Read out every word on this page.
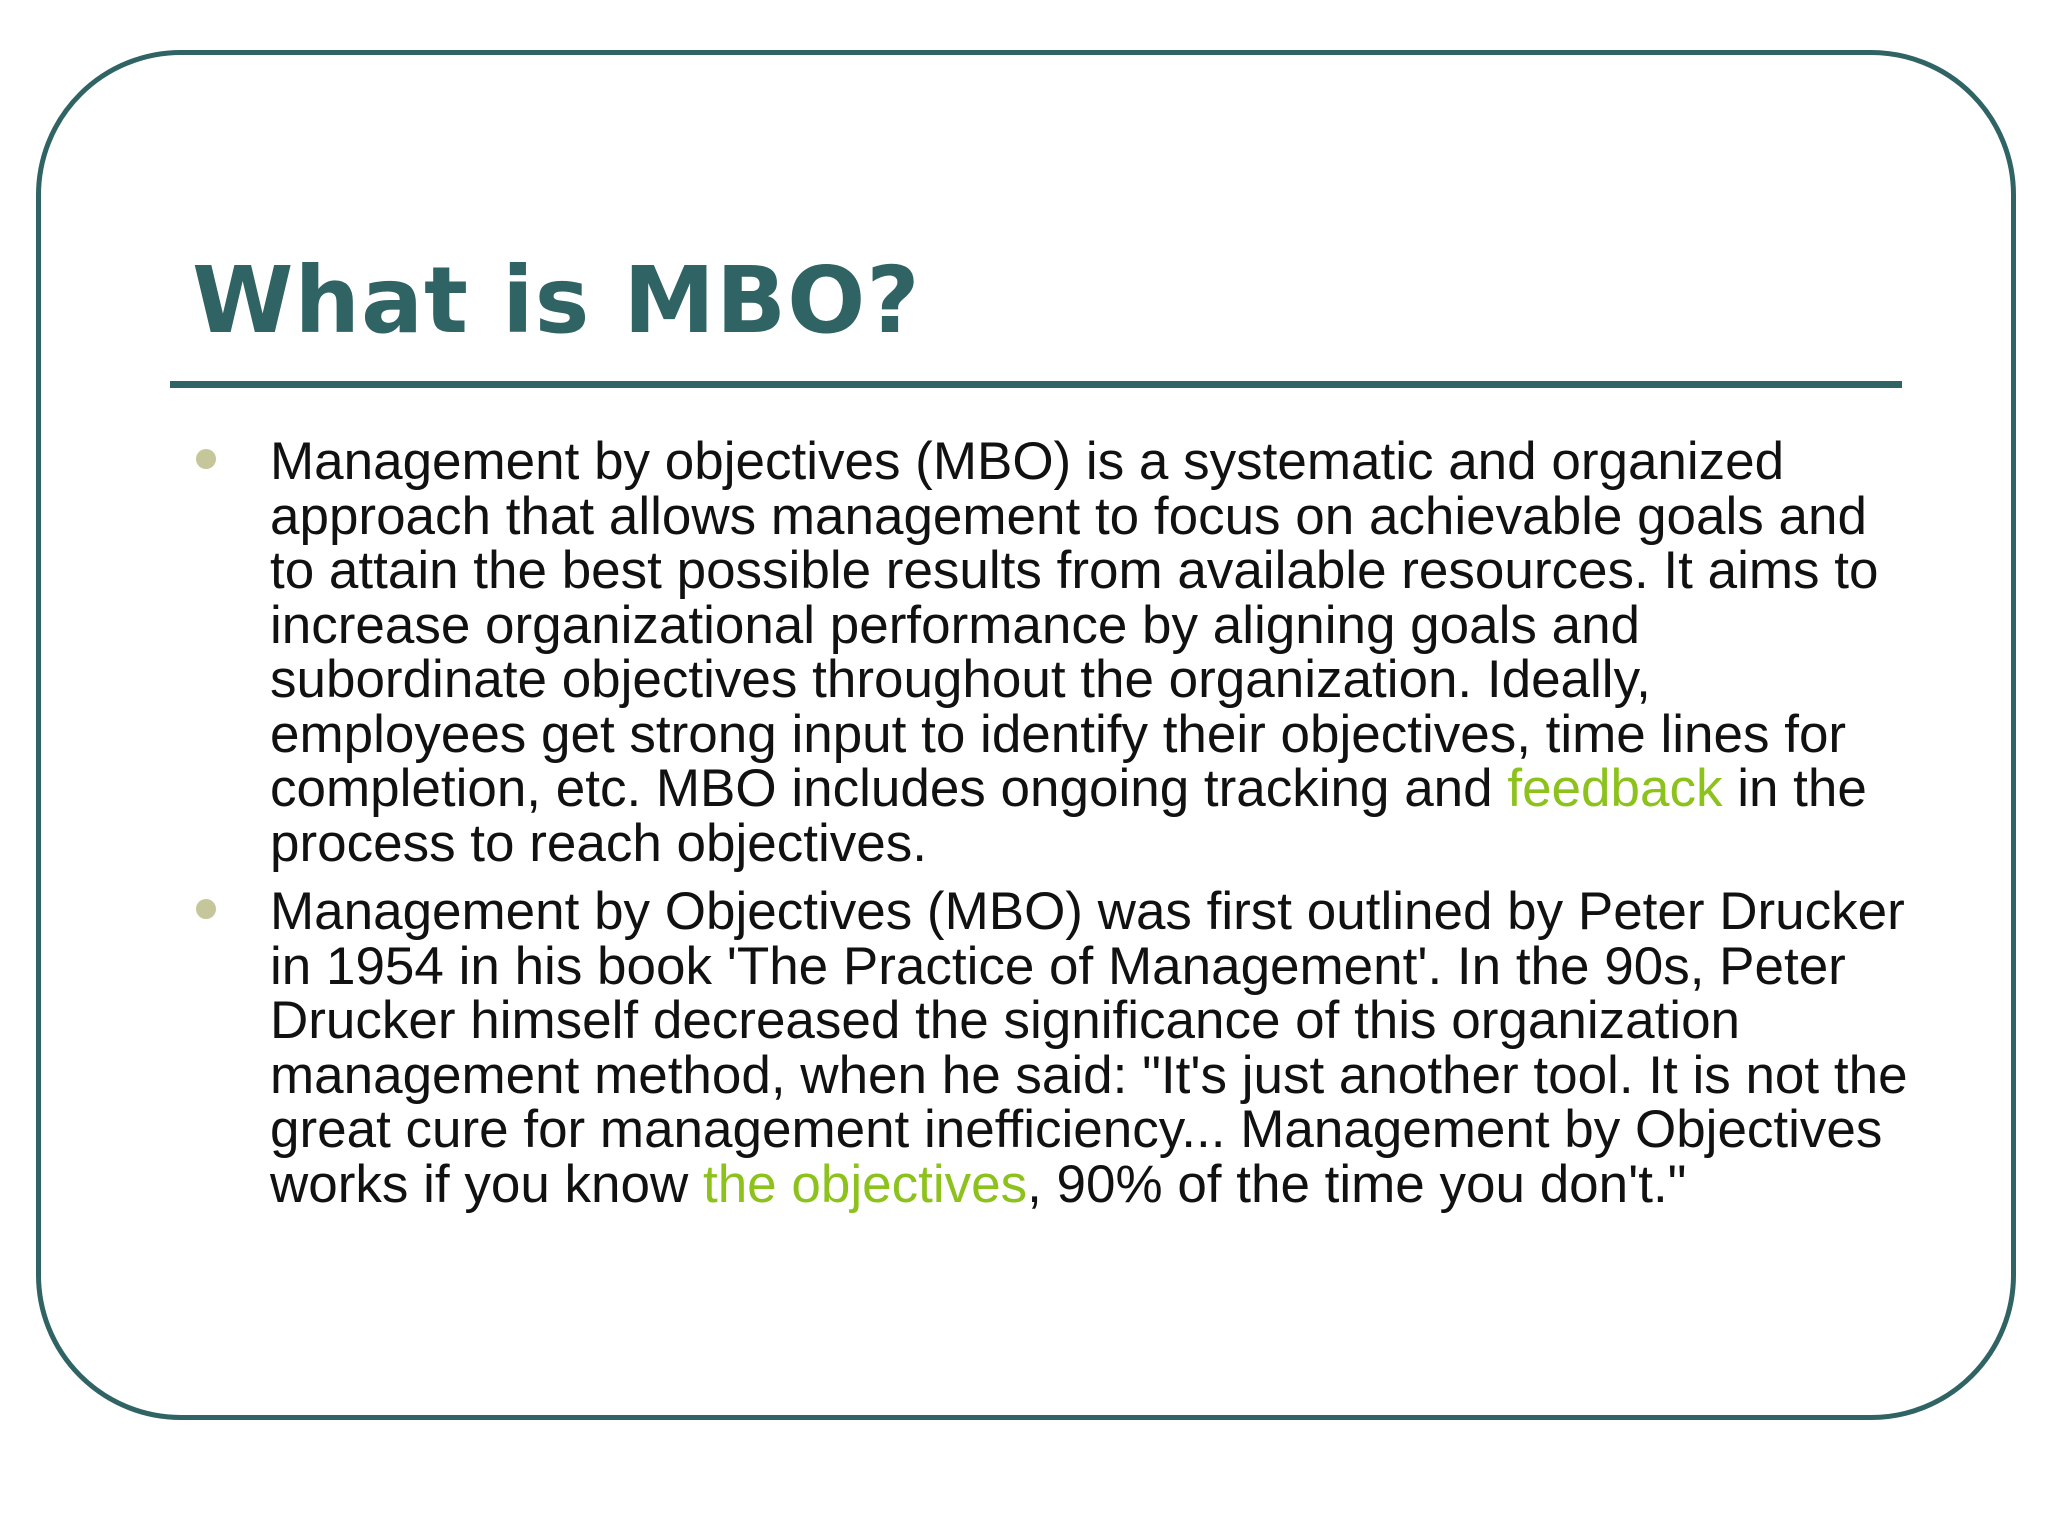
What is MBO?
Management by objectives (MBO) is a systematic and organized approach that allows management to focus on achievable goals and to attain the best possible results from available resources. It aims to increase organizational performance by aligning goals and subordinate objectives throughout the organization. Ideally, employees get strong input to identify their objectives, time lines for completion, etc. MBO includes ongoing tracking and feedback in the process to reach objectives.
Management by Objectives (MBO) was first outlined by Peter Drucker in 1954 in his book 'The Practice of Management'. In the 90s, Peter Drucker himself decreased the significance of this organization management method, when he said: "It's just another tool. It is not the great cure for management inefficiency... Management by Objectives works if you know the objectives, 90% of the time you don't."
